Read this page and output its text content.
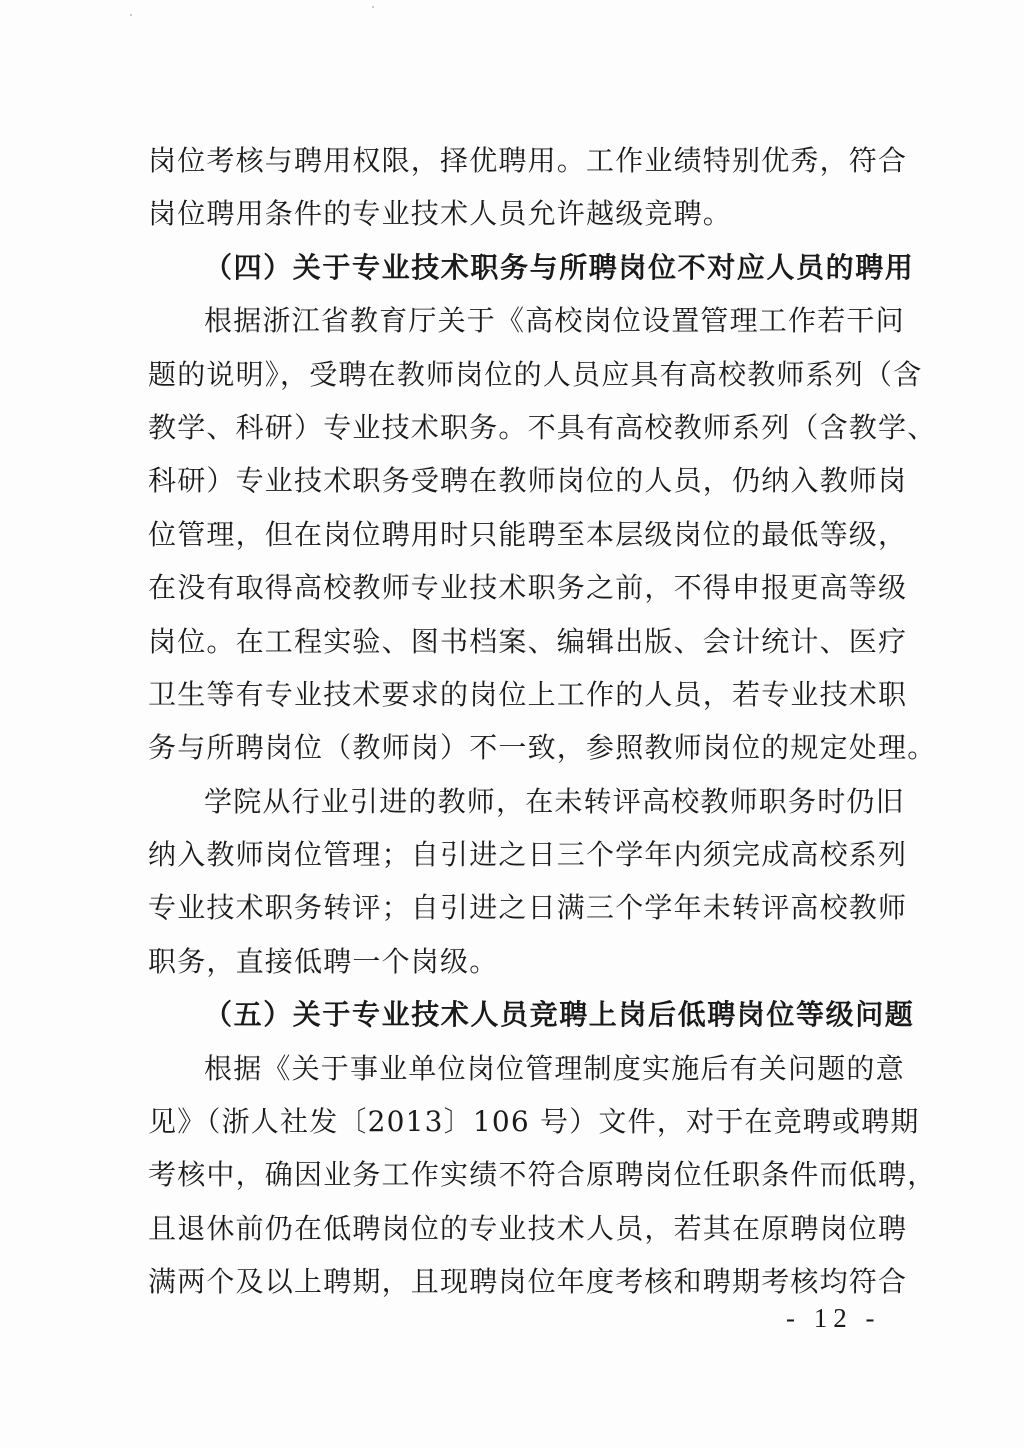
岗位考核与聘用权限，择优聘用。工作业绩特别优秀，符合
岗位聘用条件的专业技术人员允许越级竞聘。
（四）关于专业技术职务与所聘岗位不对应人员的聘用
根据浙江省教育厅关于《高校岗位设置管理工作若干问
题的说明》，受聘在教师岗位的人员应具有高校教师系列（含
教学、科研）专业技术职务。不具有高校教师系列（含教学、
科研）专业技术职务受聘在教师岗位的人员，仍纳入教师岗
位管理，但在岗位聘用时只能聘至本层级岗位的最低等级，
在没有取得高校教师专业技术职务之前，不得申报更高等级
岗位。在工程实验、图书档案、编辑出版、会计统计、医疗
卫生等有专业技术要求的岗位上工作的人员，若专业技术职
务与所聘岗位（教师岗）不一致，参照教师岗位的规定处理。
学院从行业引进的教师，在未转评高校教师职务时仍旧
纳入教师岗位管理；自引进之日三个学年内须完成高校系列
专业技术职务转评；自引进之日满三个学年未转评高校教师
职务，直接低聘一个岗级。
（五）关于专业技术人员竞聘上岗后低聘岗位等级问题
根据《关于事业单位岗位管理制度实施后有关问题的意
见》（浙人社发〔2013〕106 号）文件，对于在竞聘或聘期
考核中，确因业务工作实绩不符合原聘岗位任职条件而低聘，
且退休前仍在低聘岗位的专业技术人员，若其在原聘岗位聘
满两个及以上聘期，且现聘岗位年度考核和聘期考核均符合
- 12 -
